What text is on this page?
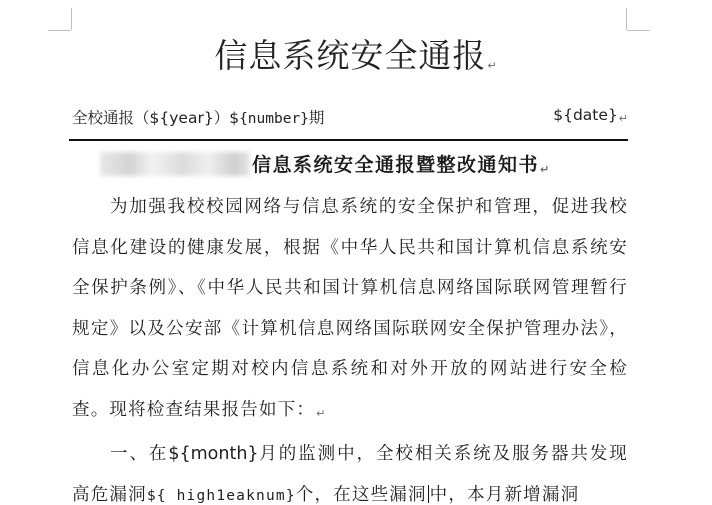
信息系统安全通报↵
全校通报（${year}）${number}期	${date}↵
信息系统安全通报暨整改通知书↵
为加强我校校园网络与信息系统的安全保护和管理，促进我校信息化建设的健康发展，根据《中华人民共和国计算机信息系统安全保护条例》、《中华人民共和国计算机信息网络国际联网管理暂行规定》以及公安部《计算机信息网络国际联网安全保护管理办法》，信息化办公室定期对校内信息系统和对外开放的网站进行安全检查。现将检查结果报告如下：↵
一、在${month}月的监测中，全校相关系统及服务器共发现高危漏洞${ high1eaknum}个，在这些漏洞 中，本月新增漏洞
